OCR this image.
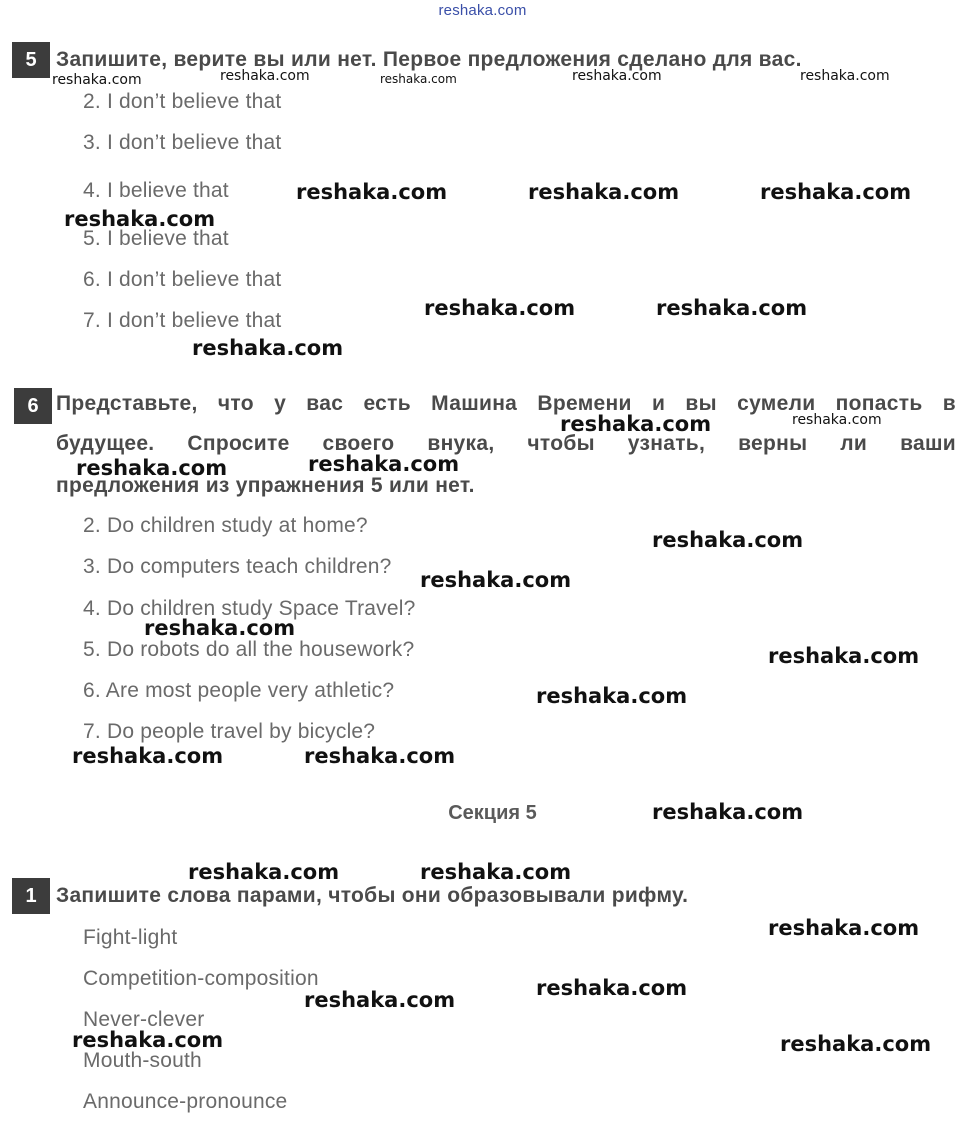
reshaka.com
5 Запишите, верите вы или нет. Первое предложения сделано для вас.
2. I don’t believe that
3. I don’t believe that
4. I believe that
5. I believe that
6. I don’t believe that
7. I don’t believe that
6 Представьте, что у вас есть Машина Времени и вы сумели попасть в
будущее. Спросите своего внука, чтобы узнать, верны ли ваши
предложения из упражнения 5 или нет.
2. Do children study at home?
3. Do computers teach children?
4. Do children study Space Travel?
5. Do robots do all the housework?
6. Are most people very athletic?
7. Do people travel by bicycle?
Секция 5
1 Запишите слова парами, чтобы они образовывали рифму.
Fight-light
Competition-composition
Never-clever
Mouth-south
Announce-pronounce
reshaka.com	reshaka.com	reshaka.com	reshaka.com	reshaka.com
reshaka.com	reshaka.com	reshaka.com
reshaka.com
reshaka.com	reshaka.com
reshaka.com
reshaka.com	reshaka.com
reshaka.com	reshaka.com
reshaka.com
reshaka.com
reshaka.com
reshaka.com
reshaka.com
reshaka.com	reshaka.com
reshaka.com
reshaka.com	reshaka.com
reshaka.com
reshaka.com
reshaka.com
reshaka.com	reshaka.com
